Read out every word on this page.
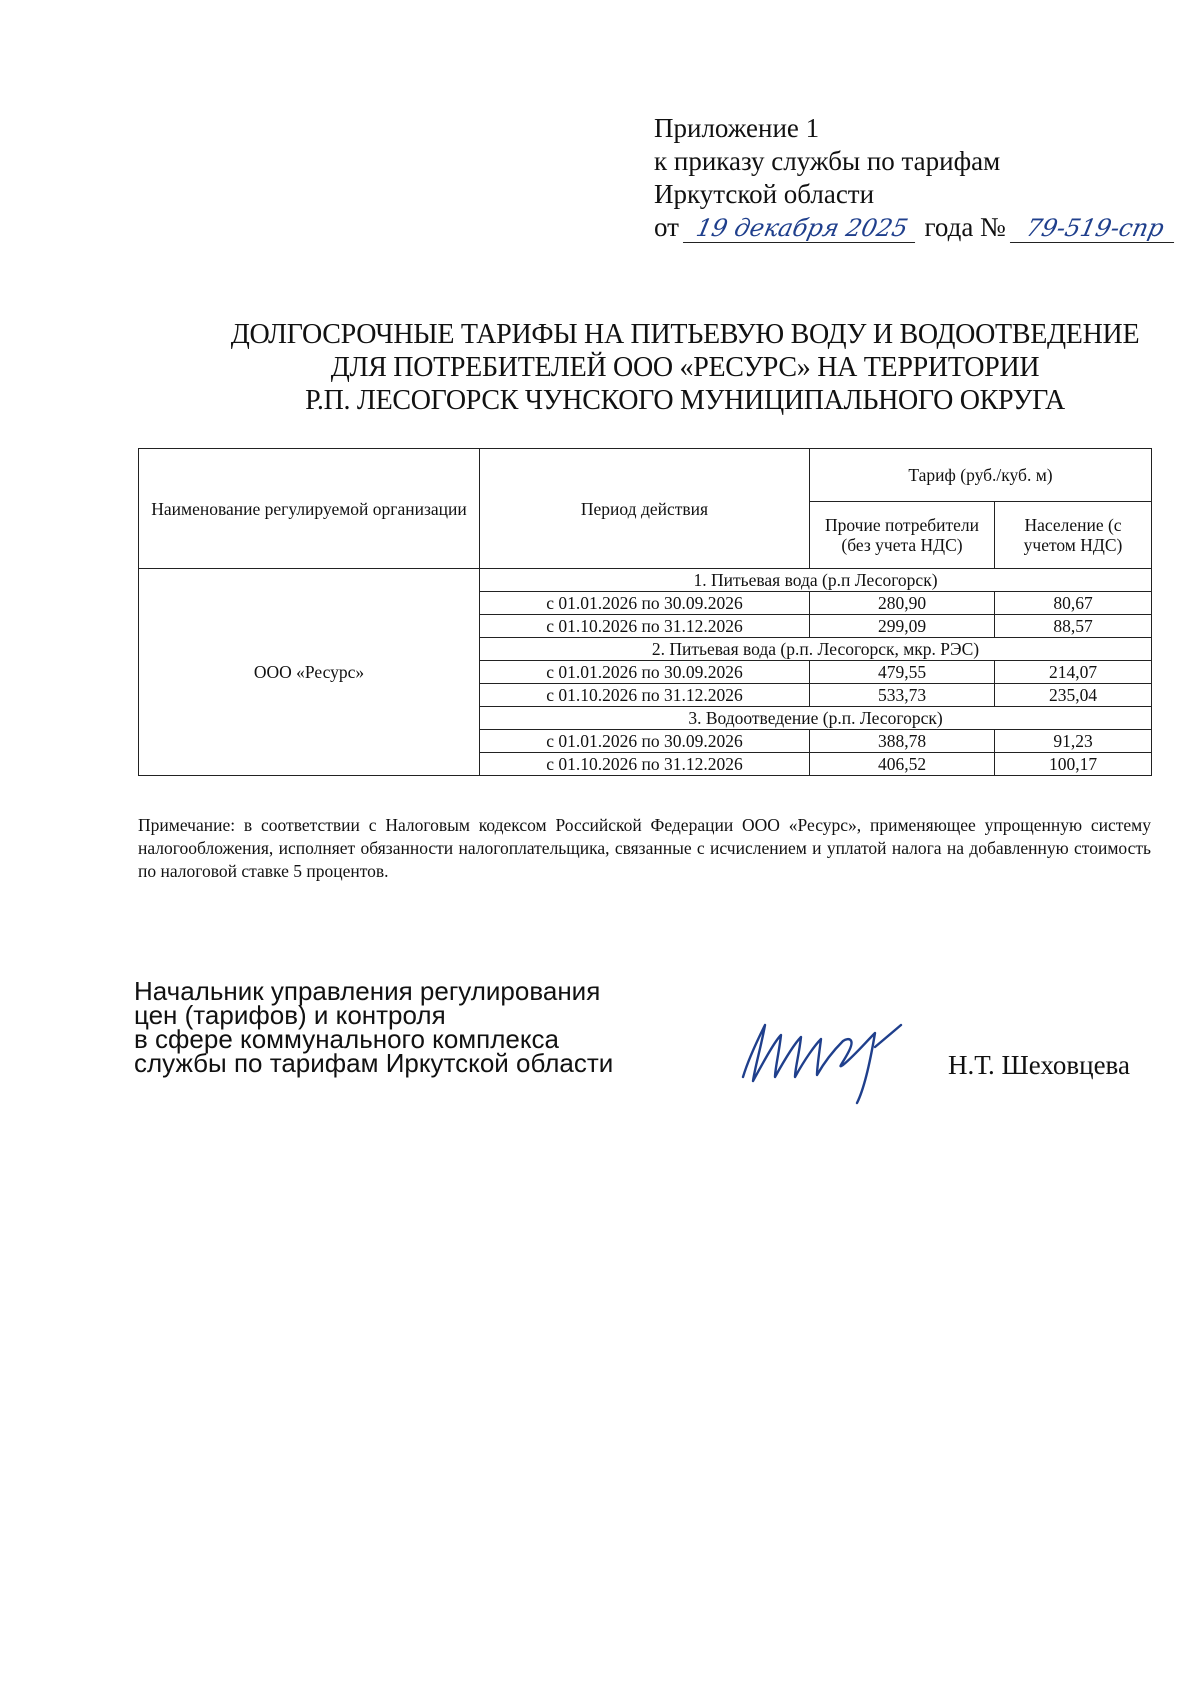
Приложение 1
к приказу службы по тарифам
Иркутской области
от 19 декабря 2025 года № 79-519-спр
ДОЛГОСРОЧНЫЕ ТАРИФЫ НА ПИТЬЕВУЮ ВОДУ И ВОДООТВЕДЕНИЕ
ДЛЯ ПОТРЕБИТЕЛЕЙ ООО «РЕСУРС» НА ТЕРРИТОРИИ
Р.П. ЛЕСОГОРСК ЧУНСКОГО МУНИЦИПАЛЬНОГО ОКРУГА
Наименование регулируемой организации	Период действия	Тариф (руб./куб. м)	
		Прочие потребители (без учета НДС)	Население (с учетом НДС)
ООО «Ресурс»	1. Питьевая вода (р.п Лесогорск)		
	с 01.01.2026 по 30.09.2026	280,90	80,67
	с 01.10.2026 по 31.12.2026	299,09	88,57
	2. Питьевая вода (р.п. Лесогорск, мкр. РЭС)		
	с 01.01.2026 по 30.09.2026	479,55	214,07
	с 01.10.2026 по 31.12.2026	533,73	235,04
	3. Водоотведение (р.п. Лесогорск)		
	с 01.01.2026 по 30.09.2026	388,78	91,23
	с 01.10.2026 по 31.12.2026	406,52	100,17
Примечание: в соответствии с Налоговым кодексом Российской Федерации ООО «Ресурс», применяющее упрощенную систему налогообложения, исполняет обязанности налогоплательщика, связанные с исчислением и уплатой налога на добавленную стоимость по налоговой ставке 5 процентов.
Начальник управления регулирования
цен (тарифов) и контроля
в сфере коммунального комплекса
службы по тарифам Иркутской области	Н.Т. Шеховцева
